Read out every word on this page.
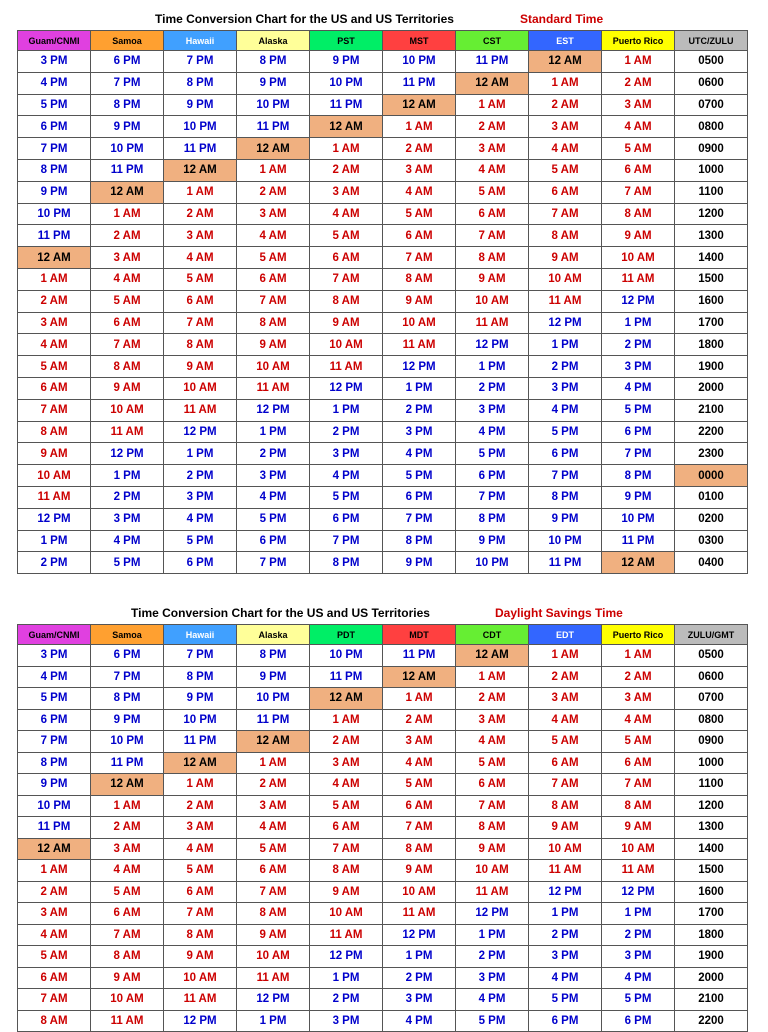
Time Conversion Chart for the US and US Territories	Standard Time
Guam/CNMI	Samoa	Hawaii	Alaska	PST	MST	CST	EST	Puerto Rico	UTC/ZULU
3 PM	6 PM	7 PM	8 PM	9 PM	10 PM	11 PM	12 AM	1 AM	0500
4 PM	7 PM	8 PM	9 PM	10 PM	11 PM	12 AM	1 AM	2 AM	0600
5 PM	8 PM	9 PM	10 PM	11 PM	12 AM	1 AM	2 AM	3 AM	0700
6 PM	9 PM	10 PM	11 PM	12 AM	1 AM	2 AM	3 AM	4 AM	0800
7 PM	10 PM	11 PM	12 AM	1 AM	2 AM	3 AM	4 AM	5 AM	0900
8 PM	11 PM	12 AM	1 AM	2 AM	3 AM	4 AM	5 AM	6 AM	1000
9 PM	12 AM	1 AM	2 AM	3 AM	4 AM	5 AM	6 AM	7 AM	1100
10 PM	1 AM	2 AM	3 AM	4 AM	5 AM	6 AM	7 AM	8 AM	1200
11 PM	2 AM	3 AM	4 AM	5 AM	6 AM	7 AM	8 AM	9 AM	1300
12 AM	3 AM	4 AM	5 AM	6 AM	7 AM	8 AM	9 AM	10 AM	1400
1 AM	4 AM	5 AM	6 AM	7 AM	8 AM	9 AM	10 AM	11 AM	1500
2 AM	5 AM	6 AM	7 AM	8 AM	9 AM	10 AM	11 AM	12 PM	1600
3 AM	6 AM	7 AM	8 AM	9 AM	10 AM	11 AM	12 PM	1 PM	1700
4 AM	7 AM	8 AM	9 AM	10 AM	11 AM	12 PM	1 PM	2 PM	1800
5 AM	8 AM	9 AM	10 AM	11 AM	12 PM	1 PM	2 PM	3 PM	1900
6 AM	9 AM	10 AM	11 AM	12 PM	1 PM	2 PM	3 PM	4 PM	2000
7 AM	10 AM	11 AM	12 PM	1 PM	2 PM	3 PM	4 PM	5 PM	2100
8 AM	11 AM	12 PM	1 PM	2 PM	3 PM	4 PM	5 PM	6 PM	2200
9 AM	12 PM	1 PM	2 PM	3 PM	4 PM	5 PM	6 PM	7 PM	2300
10 AM	1 PM	2 PM	3 PM	4 PM	5 PM	6 PM	7 PM	8 PM	0000
11 AM	2 PM	3 PM	4 PM	5 PM	6 PM	7 PM	8 PM	9 PM	0100
12 PM	3 PM	4 PM	5 PM	6 PM	7 PM	8 PM	9 PM	10 PM	0200
1 PM	4 PM	5 PM	6 PM	7 PM	8 PM	9 PM	10 PM	11 PM	0300
2 PM	5 PM	6 PM	7 PM	8 PM	9 PM	10 PM	11 PM	12 AM	0400
Time Conversion Chart for the US and US Territories	Daylight Savings Time
Guam/CNMI	Samoa	Hawaii	Alaska	PDT	MDT	CDT	EDT	Puerto Rico	ZULU/GMT
3 PM	6 PM	7 PM	8 PM	10 PM	11 PM	12 AM	1 AM	1 AM	0500
4 PM	7 PM	8 PM	9 PM	11 PM	12 AM	1 AM	2 AM	2 AM	0600
5 PM	8 PM	9 PM	10 PM	12 AM	1 AM	2 AM	3 AM	3 AM	0700
6 PM	9 PM	10 PM	11 PM	1 AM	2 AM	3 AM	4 AM	4 AM	0800
7 PM	10 PM	11 PM	12 AM	2 AM	3 AM	4 AM	5 AM	5 AM	0900
8 PM	11 PM	12 AM	1 AM	3 AM	4 AM	5 AM	6 AM	6 AM	1000
9 PM	12 AM	1 AM	2 AM	4 AM	5 AM	6 AM	7 AM	7 AM	1100
10 PM	1 AM	2 AM	3 AM	5 AM	6 AM	7 AM	8 AM	8 AM	1200
11 PM	2 AM	3 AM	4 AM	6 AM	7 AM	8 AM	9 AM	9 AM	1300
12 AM	3 AM	4 AM	5 AM	7 AM	8 AM	9 AM	10 AM	10 AM	1400
1 AM	4 AM	5 AM	6 AM	8 AM	9 AM	10 AM	11 AM	11 AM	1500
2 AM	5 AM	6 AM	7 AM	9 AM	10 AM	11 AM	12 PM	12 PM	1600
3 AM	6 AM	7 AM	8 AM	10 AM	11 AM	12 PM	1 PM	1 PM	1700
4 AM	7 AM	8 AM	9 AM	11 AM	12 PM	1 PM	2 PM	2 PM	1800
5 AM	8 AM	9 AM	10 AM	12 PM	1 PM	2 PM	3 PM	3 PM	1900
6 AM	9 AM	10 AM	11 AM	1 PM	2 PM	3 PM	4 PM	4 PM	2000
7 AM	10 AM	11 AM	12 PM	2 PM	3 PM	4 PM	5 PM	5 PM	2100
8 AM	11 AM	12 PM	1 PM	3 PM	4 PM	5 PM	6 PM	6 PM	2200
